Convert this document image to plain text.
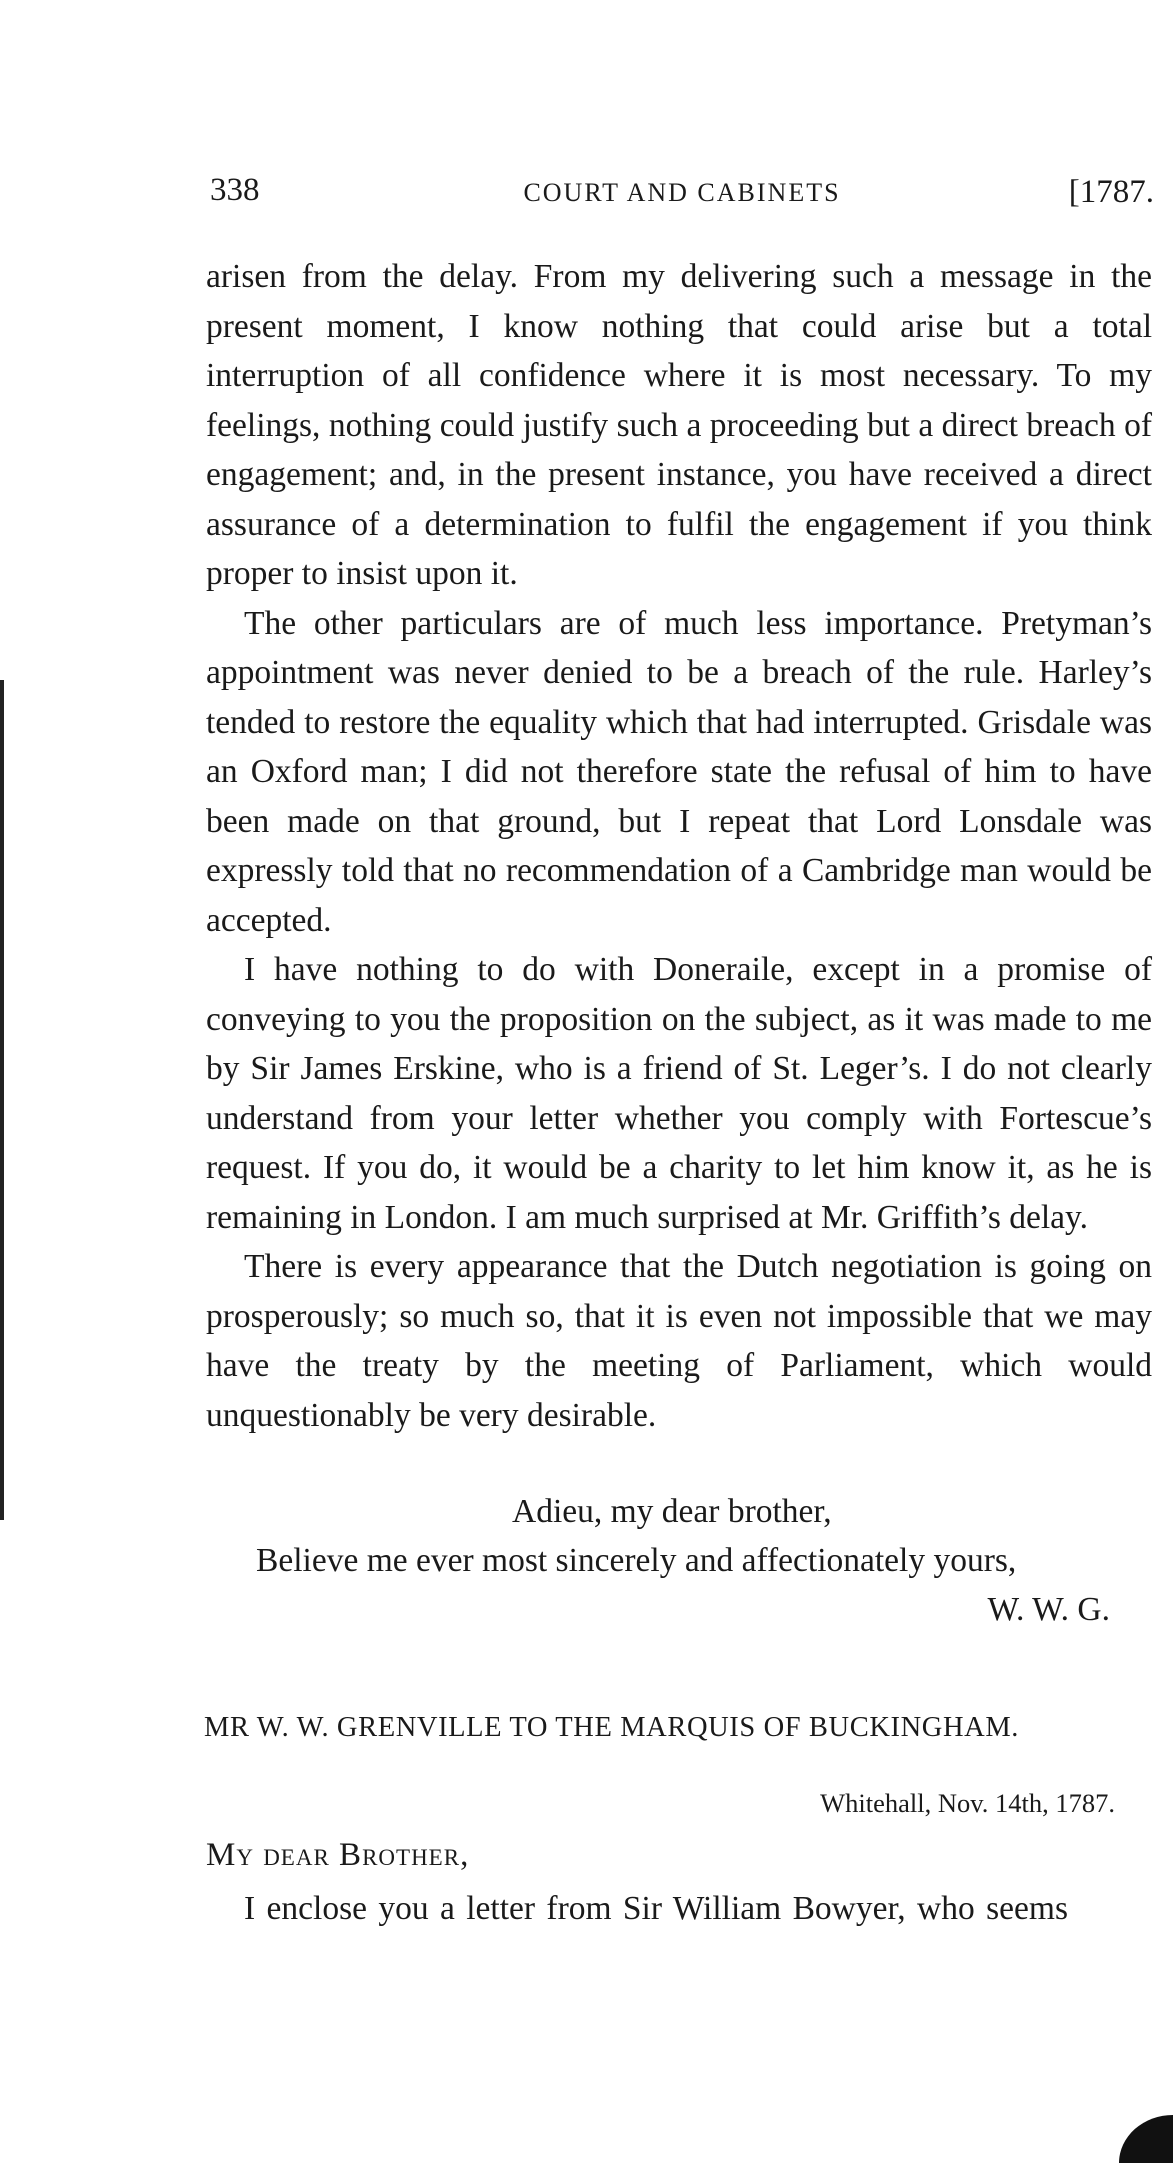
338	COURT AND CABINETS	[1787.

arisen from the delay. From my delivering such a message in the present moment, I know nothing that could arise but a total interruption of all confidence where it is most necessary. To my feelings, nothing could justify such a proceeding but a direct breach of engagement; and, in the present instance, you have received a direct assurance of a determination to fulfil the engagement if you think proper to insist upon it.

The other particulars are of much less importance. Pretyman’s appointment was never denied to be a breach of the rule. Harley’s tended to restore the equality which that had interrupted. Grisdale was an Oxford man; I did not therefore state the refusal of him to have been made on that ground, but I repeat that Lord Lonsdale was expressly told that no recommendation of a Cambridge man would be accepted.

I have nothing to do with Doneraile, except in a promise of conveying to you the proposition on the subject, as it was made to me by Sir James Erskine, who is a friend of St. Leger’s. I do not clearly understand from your letter whether you comply with Fortescue’s request. If you do, it would be a charity to let him know it, as he is remaining in London. I am much surprised at Mr. Griffith’s delay.

There is every appearance that the Dutch negotiation is going on prosperously; so much so, that it is even not impossible that we may have the treaty by the meeting of Parliament, which would unquestionably be very desirable.

Adieu, my dear brother,
Believe me ever most sincerely and affectionately yours,
W. W. G.
MR W. W. GRENVILLE TO THE MARQUIS OF BUCKINGHAM.
Whitehall, Nov. 14th, 1787.
My dear Brother,
I enclose you a letter from Sir William Bowyer, who seems
